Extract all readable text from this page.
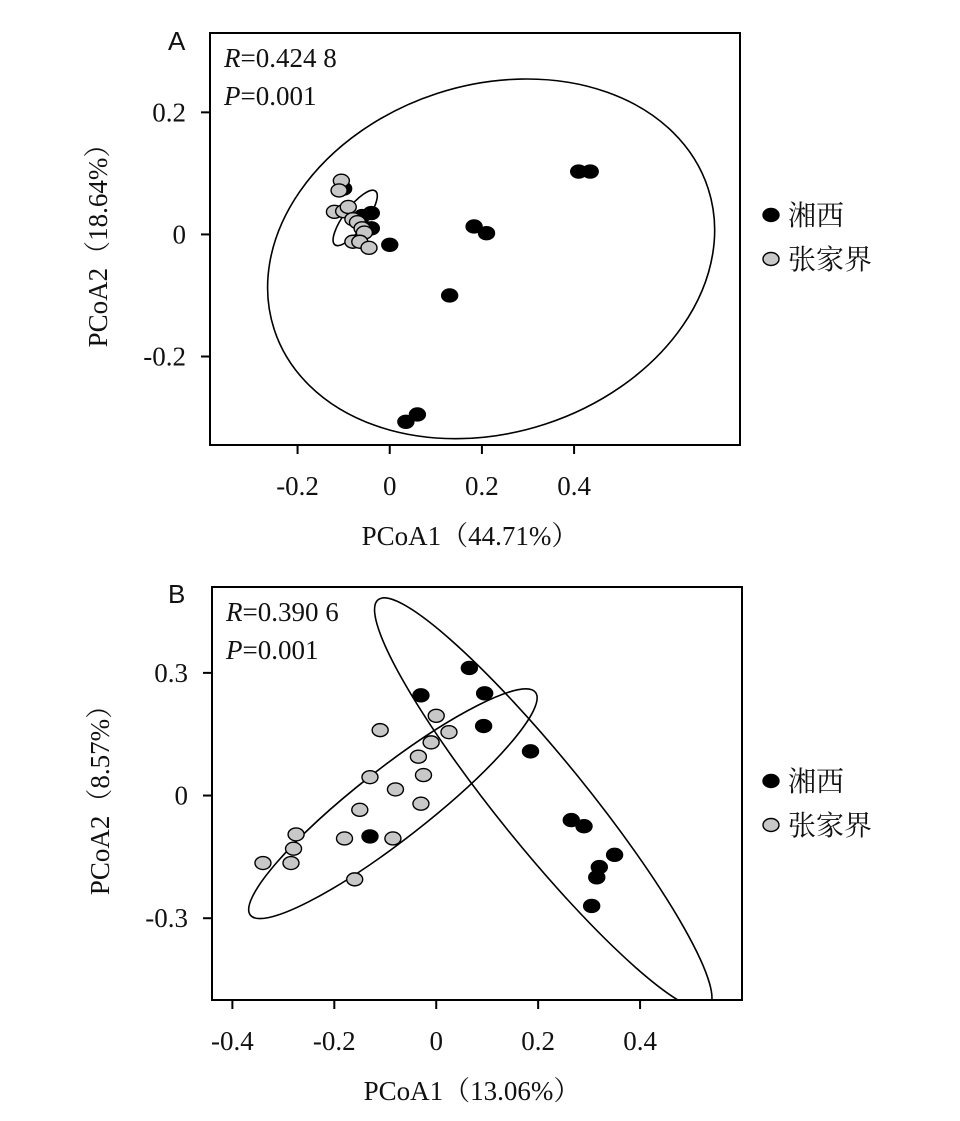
A
-0.2 0	0.2 0.4
-0.2
0
0.2
PCoA1（44.71%）
PCoA2（18.64%）
R=0.424 8
P=0.001
湘西
张家界
B
-0.4 -0.2	0	0.2	0.4
-0.3
0
0.3
PCoA1（13.06%）
PCoA2（8.57%）
R=0.390 6
P=0.001
湘西
张家界
